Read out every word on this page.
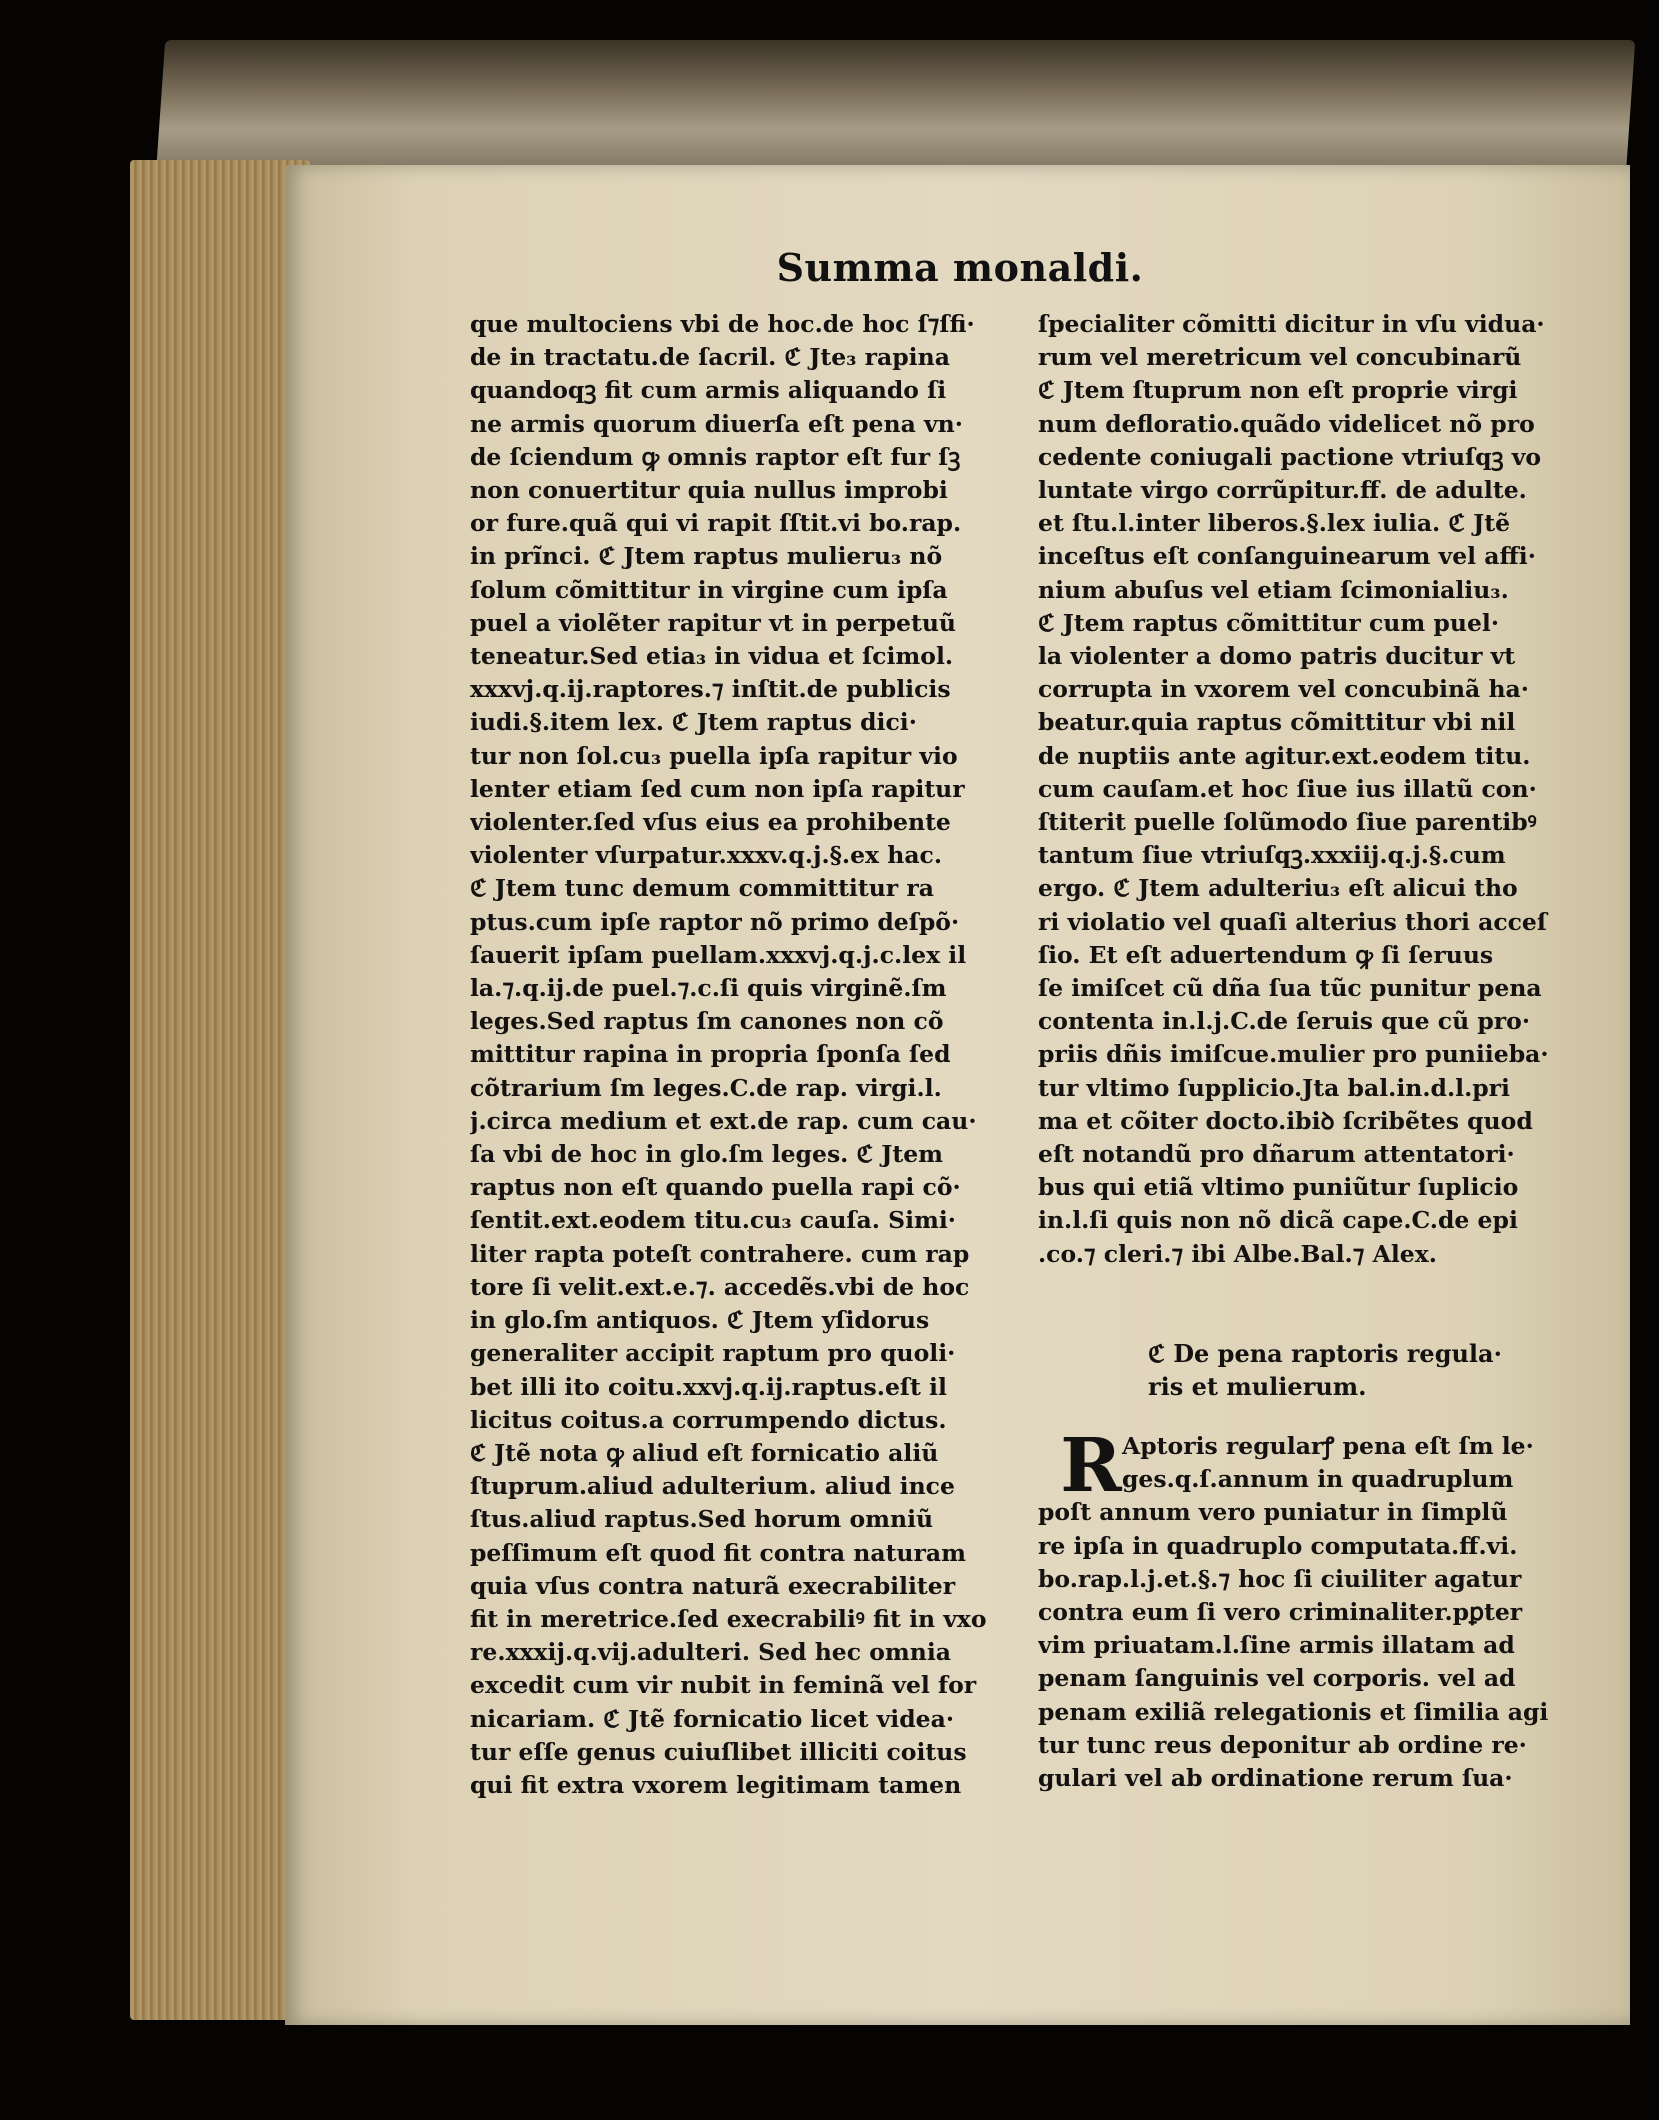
Summa monaldi.
que multociens vbi de hoc.de hoc ſ⁊ſfi·
de in tractatu.de ſacril. ℭ Jte₃ rapina
quandoqꝫ fit cum armis aliquando ſi
ne armis quorum diuerſa eſt pena vn·
de ſciendum ꝙ omnis raptor eſt fur ſꝫ
non conuertitur quia nullus improbi
or fure.quã qui vi rapit ſſtit.vi bo.rap.
in prĩnci. ℭ Jtem raptus mulieru₃ nõ
ſolum cõmittitur in virgine cum ipſa
puel a violẽter rapitur vt in perpetuũ
teneatur.Sed etia₃ in vidua et ſcimol.
xxxvj.q.ij.raptores.⁊ inſtit.de publicis
iudi.§.item lex. ℭ Jtem raptus dici·
tur non ſol.cu₃ puella ipſa rapitur vio
lenter etiam ſed cum non ipſa rapitur
violenter.ſed vſus eius ea prohibente
violenter vſurpatur.xxxv.q.j.§.ex hac.
ℭ Jtem tunc demum committitur ra
ptus.cum ipſe raptor nõ primo deſpõ·
ſauerit ipſam puellam.xxxvj.q.j.c.lex il
la.⁊.q.ij.de puel.⁊.c.ſi quis virginẽ.ſm
leges.Sed raptus ſm canones non cõ
mittitur rapina in propria ſponſa ſed
cõtrarium ſm leges.C.de rap. virgi.l.
j.circa medium et ext.de rap. cum cau·
ſa vbi de hoc in glo.ſm leges. ℭ Jtem
raptus non eſt quando puella rapi cõ·
ſentit.ext.eodem titu.cu₃ cauſa. Simi·
liter rapta poteſt contrahere. cum rap
tore ſi velit.ext.e.⁊. accedẽs.vbi de hoc
in glo.ſm antiquos. ℭ Jtem yſidorus
generaliter accipit raptum pro quoli·
bet illi ito coitu.xxvj.q.ij.raptus.eſt il
licitus coitus.a corrumpendo dictus.
ℭ Jtẽ nota ꝙ aliud eſt fornicatio aliũ
ſtuprum.aliud adulterium. aliud ince
ſtus.aliud raptus.Sed horum omniũ
peſſimum eſt quod fit contra naturam
quia vſus contra naturã execrabiliter
fit in meretrice.ſed execrabiliꝰ fit in vxo
re.xxxij.q.vij.adulteri. Sed hec omnia
excedit cum vir nubit in feminã vel for
nicariam. ℭ Jtẽ fornicatio licet videa·
tur eſſe genus cuiuſlibet illiciti coitus
qui fit extra vxorem legitimam tamen
ſpecialiter cõmitti dicitur in vſu vidua·
rum vel meretricum vel concubinarũ
ℭ Jtem ſtuprum non eſt proprie virgi
num defloratio.quãdo videlicet nõ pro
cedente coniugali pactione vtriuſqꝫ vo
luntate virgo corrũpitur.ff. de adulte.
et ſtu.l.inter liberos.§.lex iulia. ℭ Jtẽ
inceſtus eſt conſanguinearum vel affi·
nium abuſus vel etiam ſcimonialiu₃.
ℭ Jtem raptus cõmittitur cum puel·
la violenter a domo patris ducitur vt
corrupta in vxorem vel concubinã ha·
beatur.quia raptus cõmittitur vbi nil
de nuptiis ante agitur.ext.eodem titu.
cum cauſam.et hoc ſiue ius illatũ con·
ſtiterit puelle ſolũmodo ſiue parentibꝰ
tantum ſiue vtriuſqꝫ.xxxiij.q.j.§.cum
ergo. ℭ Jtem adulteriu₃ eſt alicui tho
ri violatio vel quaſi alterius thori acceſ
ſio. Et eſt aduertendum ꝙ ſi ſeruus
ſe imiſcet cũ dña ſua tũc punitur pena
contenta in.l.j.C.de ſeruis que cũ pro·
priis dñis imiſcue.mulier pro puniieba·
tur vltimo ſupplicio.Jta bal.in.d.l.pri
ma et cõiter docto.ibiꝺ ſcribẽtes quod
eſt notandũ pro dñarum attentatori·
bus qui etiã vltimo puniũtur ſuplicio
in.l.ſi quis non nõ dicã cape.C.de epi
.co.⁊ cleri.⁊ ibi Albe.Bal.⁊ Alex.
ℭ De pena raptoris regula·
ris et mulierum.
R Aptoris regularꝭ pena eſt ſm le·
ges.q.ſ.annum in quadruplum
poſt annum vero puniatur in ſimplũ
re ipſa in quadruplo computata.ff.vi.
bo.rap.l.j.et.§.⁊ hoc ſi ciuiliter agatur
contra eum ſi vero criminaliter.pꝑter
vim priuatam.l.ſine armis illatam ad
penam ſanguinis vel corporis. vel ad
penam exiliã relegationis et ſimilia agi
tur tunc reus deponitur ab ordine re·
gulari vel ab ordinatione rerum ſua·
